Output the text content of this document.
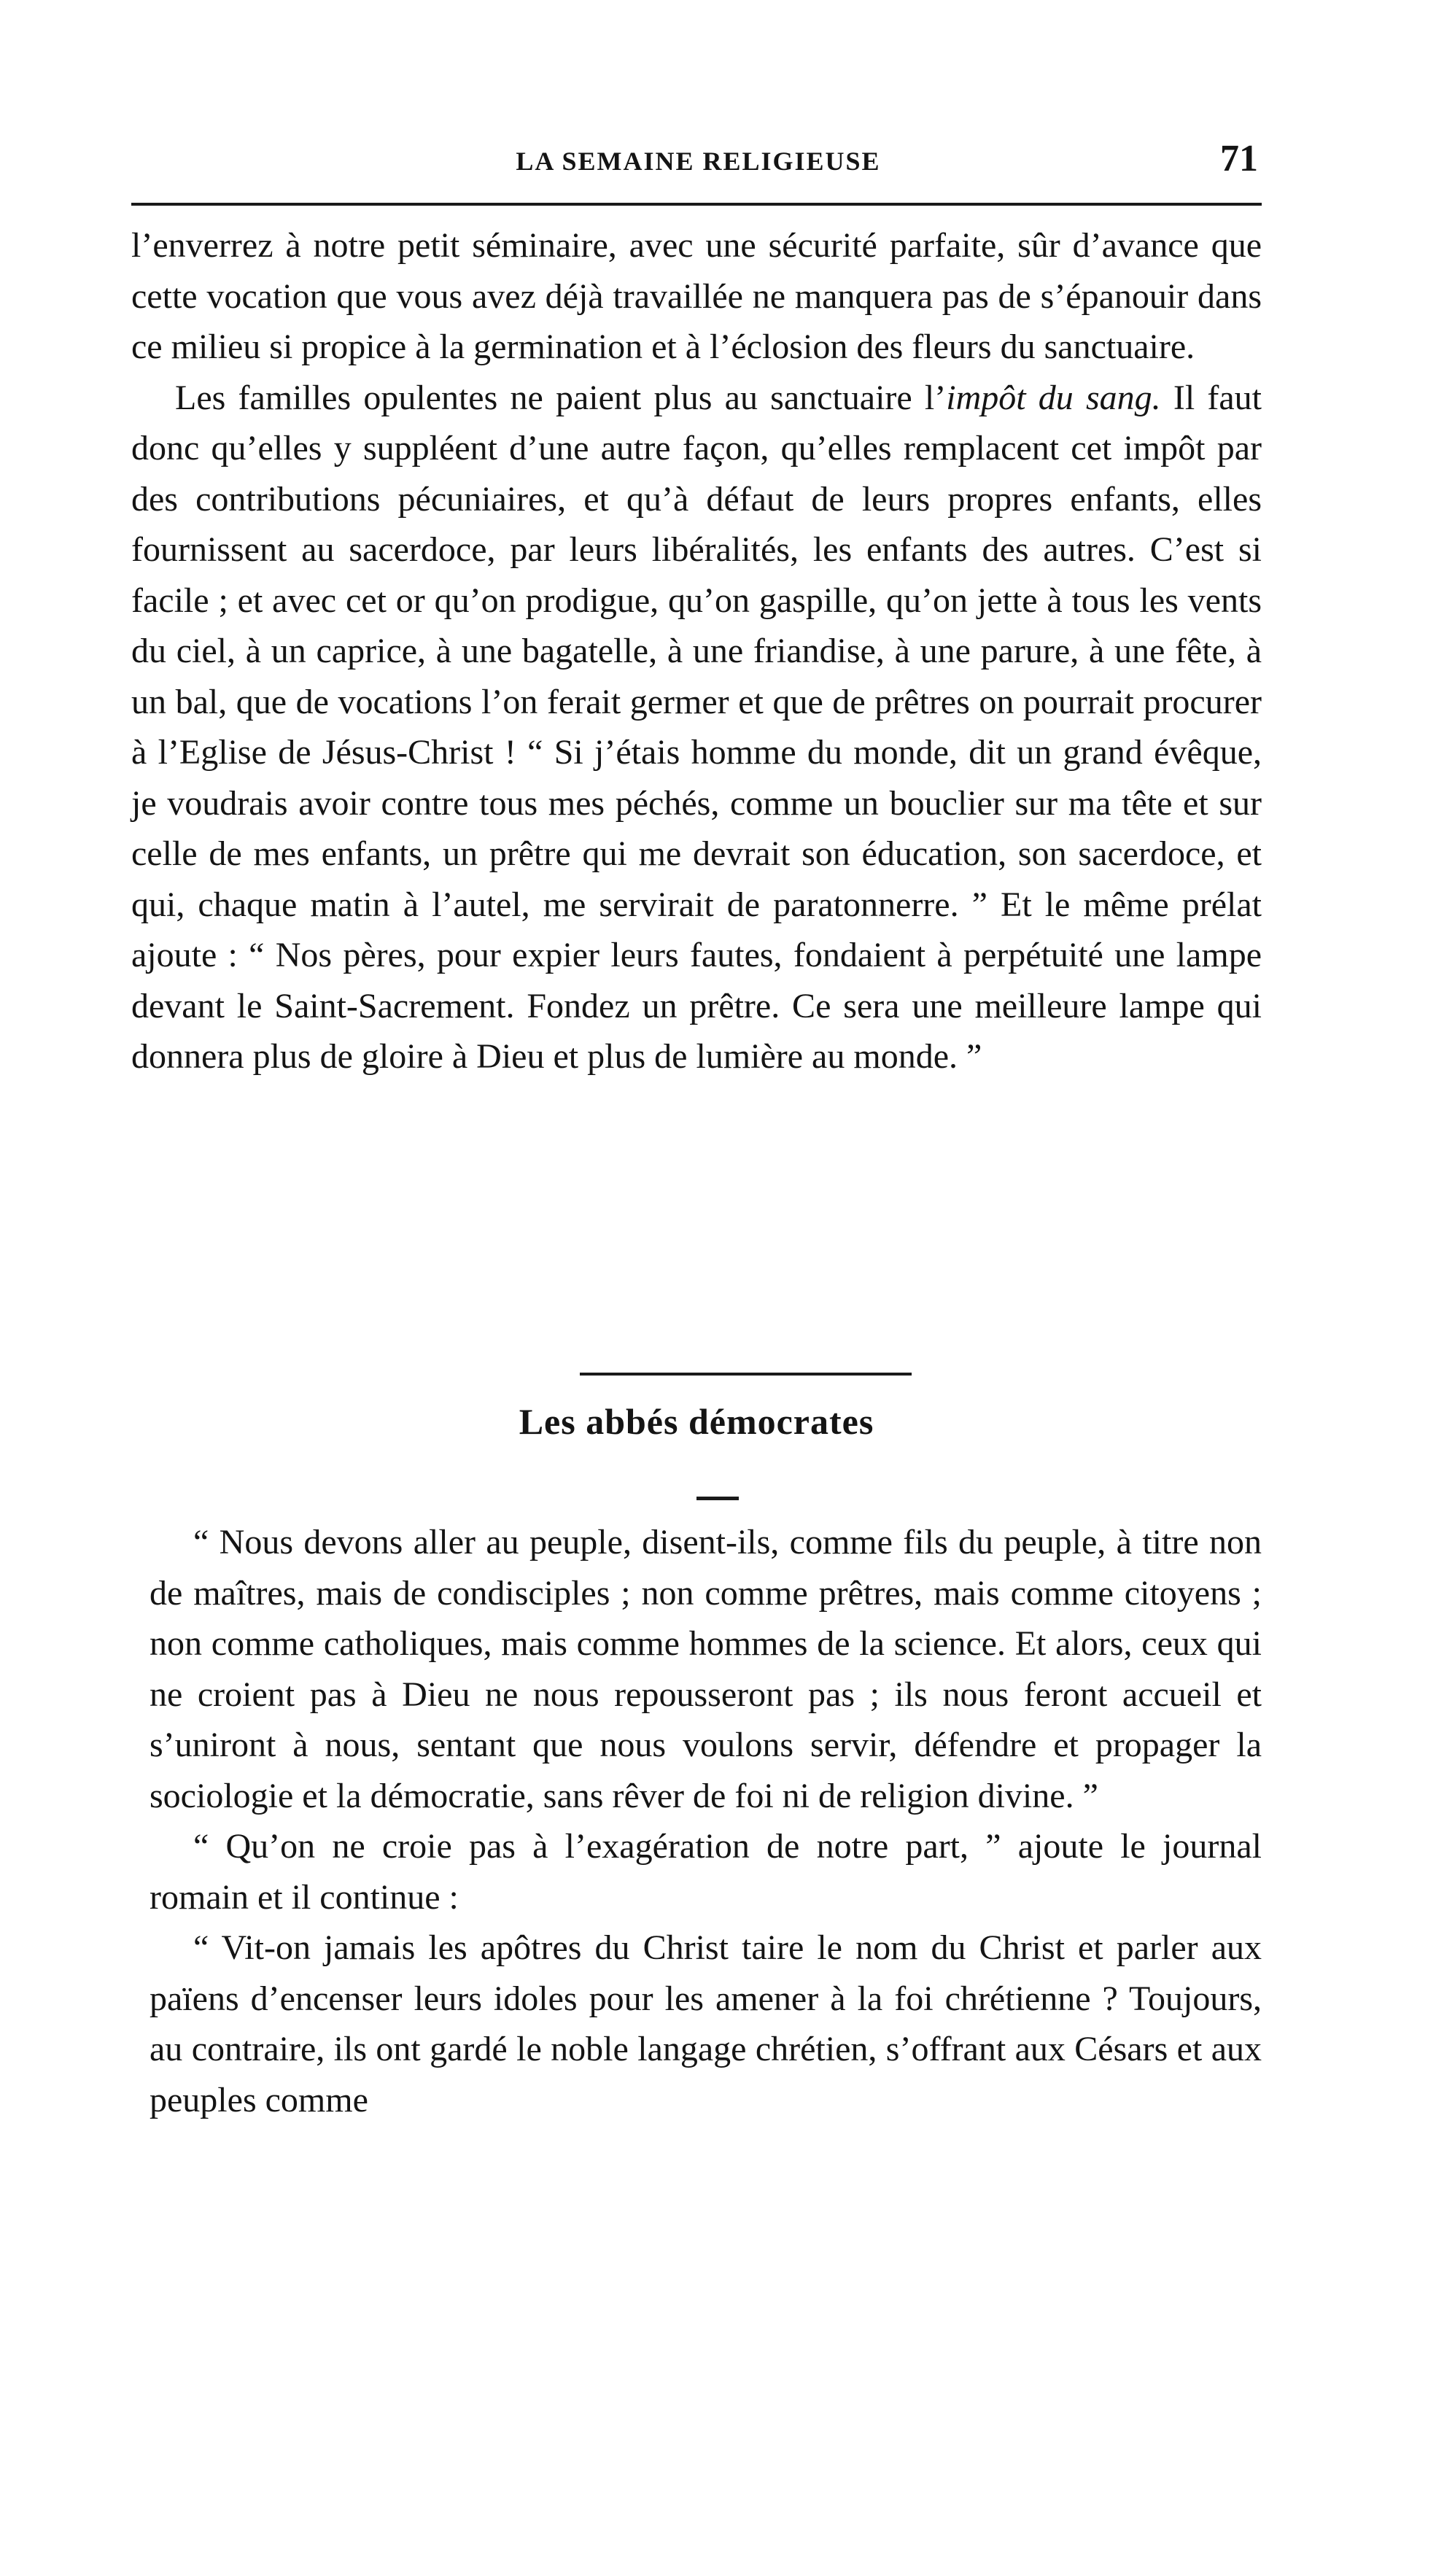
LA SEMAINE RELIGIEUSE	71

l’enverrez à notre petit séminaire, avec une sécurité parfaite, sûr d’avance que cette vocation que vous avez déjà travaillée ne manquera pas de s’épanouir dans ce milieu si propice à la germination et à l’éclosion des fleurs du sanctuaire.

Les familles opulentes ne paient plus au sanctuaire l’impôt du sang. Il faut donc qu’elles y suppléent d’une autre façon, qu’elles remplacent cet impôt par des contributions pécuniaires, et qu’à défaut de leurs propres enfants, elles fournissent au sacerdoce, par leurs libéralités, les enfants des autres. C’est si facile ; et avec cet or qu’on prodigue, qu’on gaspille, qu’on jette à tous les vents du ciel, à un caprice, à une bagatelle, à une friandise, à une parure, à une fête, à un bal, que de vocations l’on ferait germer et que de prêtres on pourrait procurer à l’Eglise de Jésus-Christ ! “ Si j’étais homme du monde, dit un grand évêque, je voudrais avoir contre tous mes péchés, comme un bouclier sur ma tête et sur celle de mes enfants, un prêtre qui me devrait son éducation, son sacerdoce, et qui, chaque matin à l’autel, me servirait de paratonnerre. ” Et le même prélat ajoute : “ Nos pères, pour expier leurs fautes, fondaient à perpétuité une lampe devant le Saint-Sacrement. Fondez un prêtre. Ce sera une meilleure lampe qui donnera plus de gloire à Dieu et plus de lumière au monde. ”

Les abbés démocrates

“ Nous devons aller au peuple, disent-ils, comme fils du peuple, à titre non de maîtres, mais de condisciples ; non comme prêtres, mais comme citoyens ; non comme catholiques, mais comme hommes de la science. Et alors, ceux qui ne croient pas à Dieu ne nous repousseront pas ; ils nous feront accueil et s’uniront à nous, sentant que nous voulons servir, défendre et propager la sociologie et la démocratie, sans rêver de foi ni de religion divine. ”

“ Qu’on ne croie pas à l’exagération de notre part, ” ajoute le journal romain et il continue :

“ Vit-on jamais les apôtres du Christ taire le nom du Christ et parler aux païens d’encenser leurs idoles pour les amener à la foi chrétienne ? Toujours, au contraire, ils ont gardé le noble langage chrétien, s’offrant aux Césars et aux peuples comme
